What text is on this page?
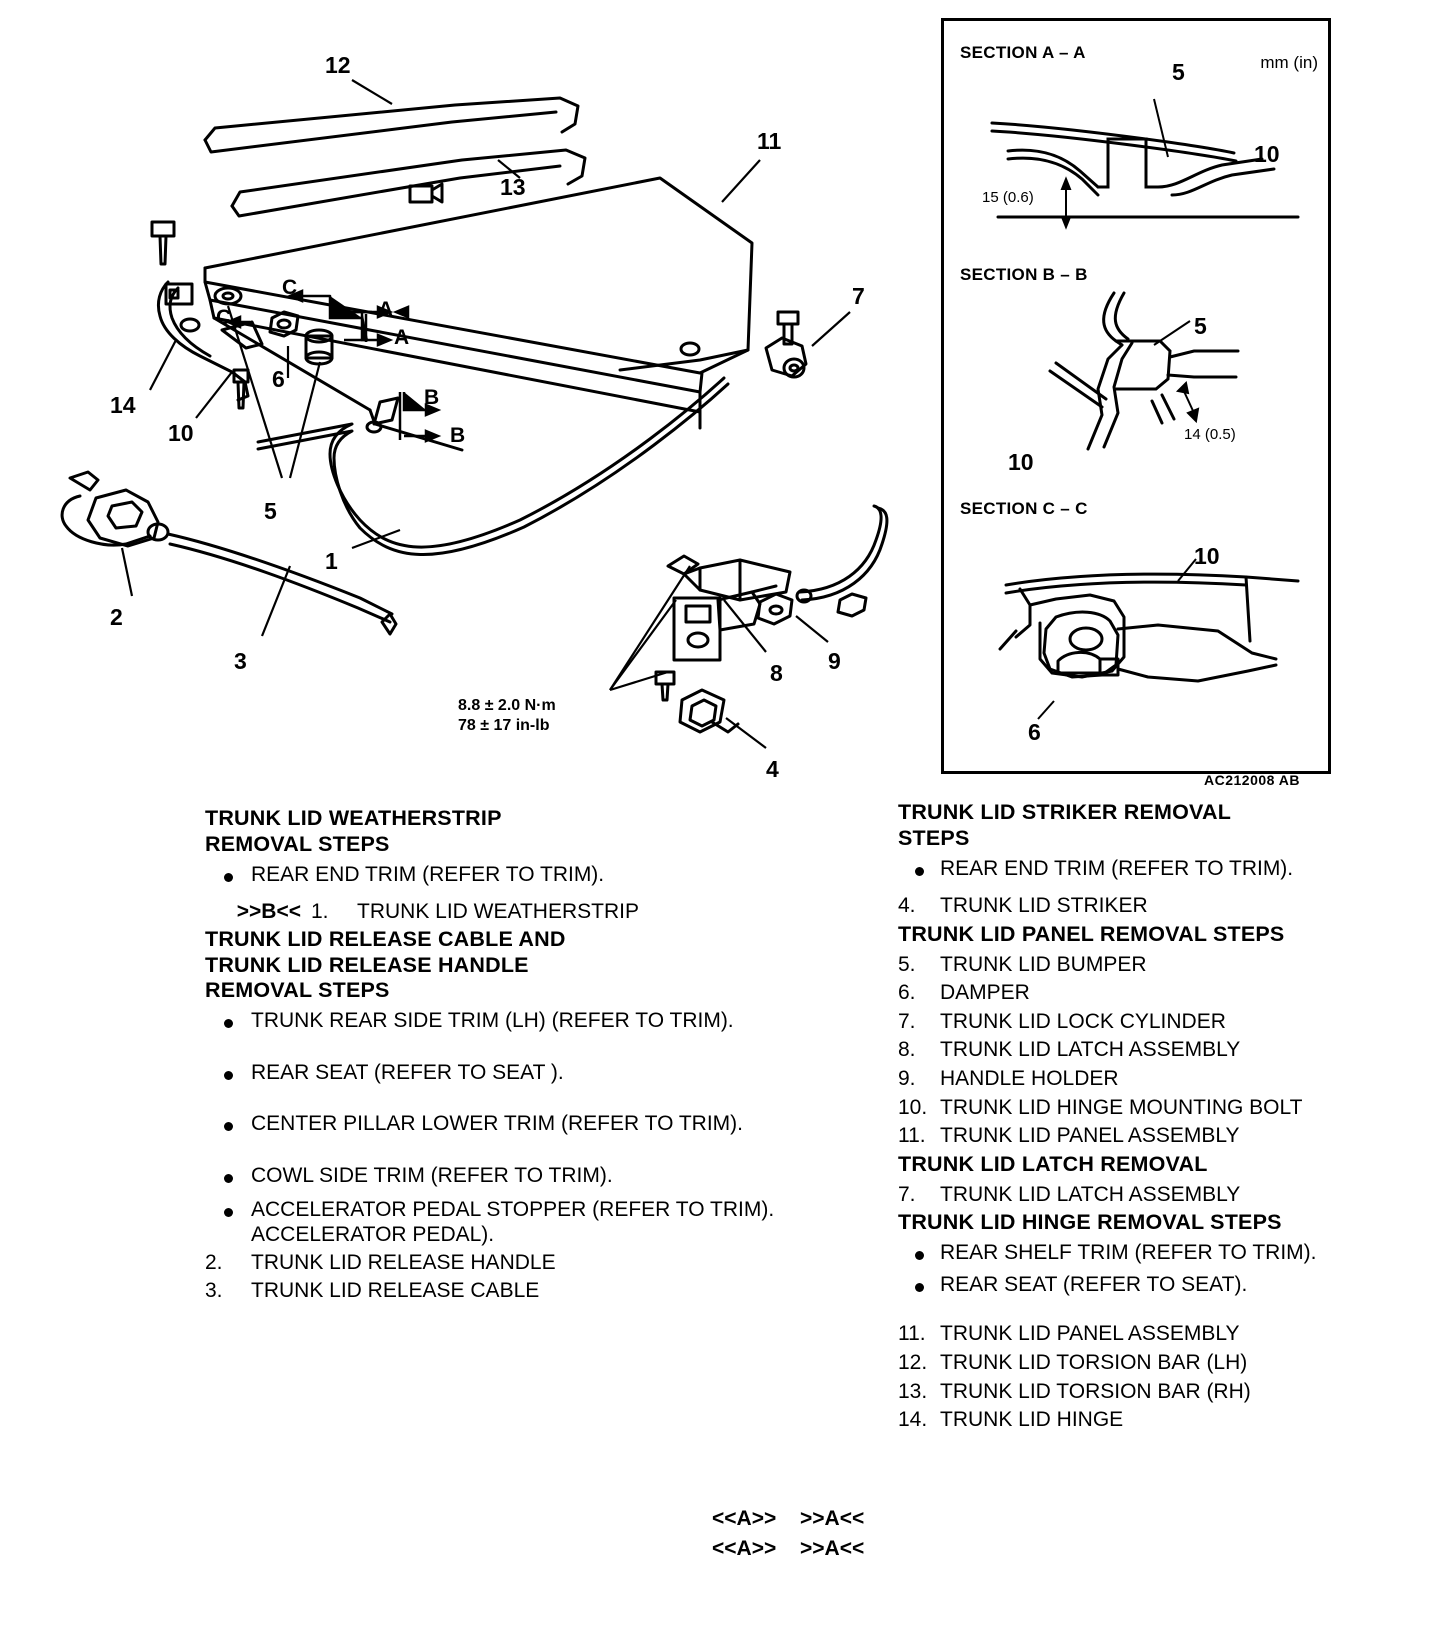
12
13
11
7
14
10
6
5
1
2
3	8 9
4
C
C	A
A
B
B
8.8 ± 2.0 N·m
78 ± 17 in-lb
SECTION A – A
mm (in)
5
10
15 (0.6)
SECTION B – B
5
10
14 (0.5)
SECTION C – C
10
6
AC212008 AB
TRUNK LID WEATHERSTRIP
REMOVAL STEPS
REAR END TRIM (REFER TO TRIM).
>>B<< 1.	TRUNK LID WEATHERSTRIP
TRUNK LID RELEASE CABLE AND
TRUNK LID RELEASE HANDLE
REMOVAL STEPS
TRUNK REAR SIDE TRIM (LH) (REFER TO TRIM).
REAR SEAT (REFER TO SEAT ).
CENTER PILLAR LOWER TRIM (REFER TO TRIM).
COWL SIDE TRIM (REFER TO TRIM).
ACCELERATOR PEDAL STOPPER (REFER TO TRIM). ACCELERATOR PEDAL).
2.	TRUNK LID RELEASE HANDLE
3.	TRUNK LID RELEASE CABLE
TRUNK LID STRIKER REMOVAL
STEPS
REAR END TRIM (REFER TO TRIM).
4.	TRUNK LID STRIKER
TRUNK LID PANEL REMOVAL STEPS
5.	TRUNK LID BUMPER
6.	DAMPER
7.	TRUNK LID LOCK CYLINDER
8.	TRUNK LID LATCH ASSEMBLY
9.	HANDLE HOLDER
10. TRUNK LID HINGE MOUNTING BOLT
11. TRUNK LID PANEL ASSEMBLY
TRUNK LID LATCH REMOVAL
7.	TRUNK LID LATCH ASSEMBLY
TRUNK LID HINGE REMOVAL STEPS
REAR SHELF TRIM (REFER TO TRIM).
REAR SEAT (REFER TO SEAT).
11. TRUNK LID PANEL ASSEMBLY
12. TRUNK LID TORSION BAR (LH)
13. TRUNK LID TORSION BAR (RH)
14. TRUNK LID HINGE
<<A>> >>A<<
<<A>> >>A<<
